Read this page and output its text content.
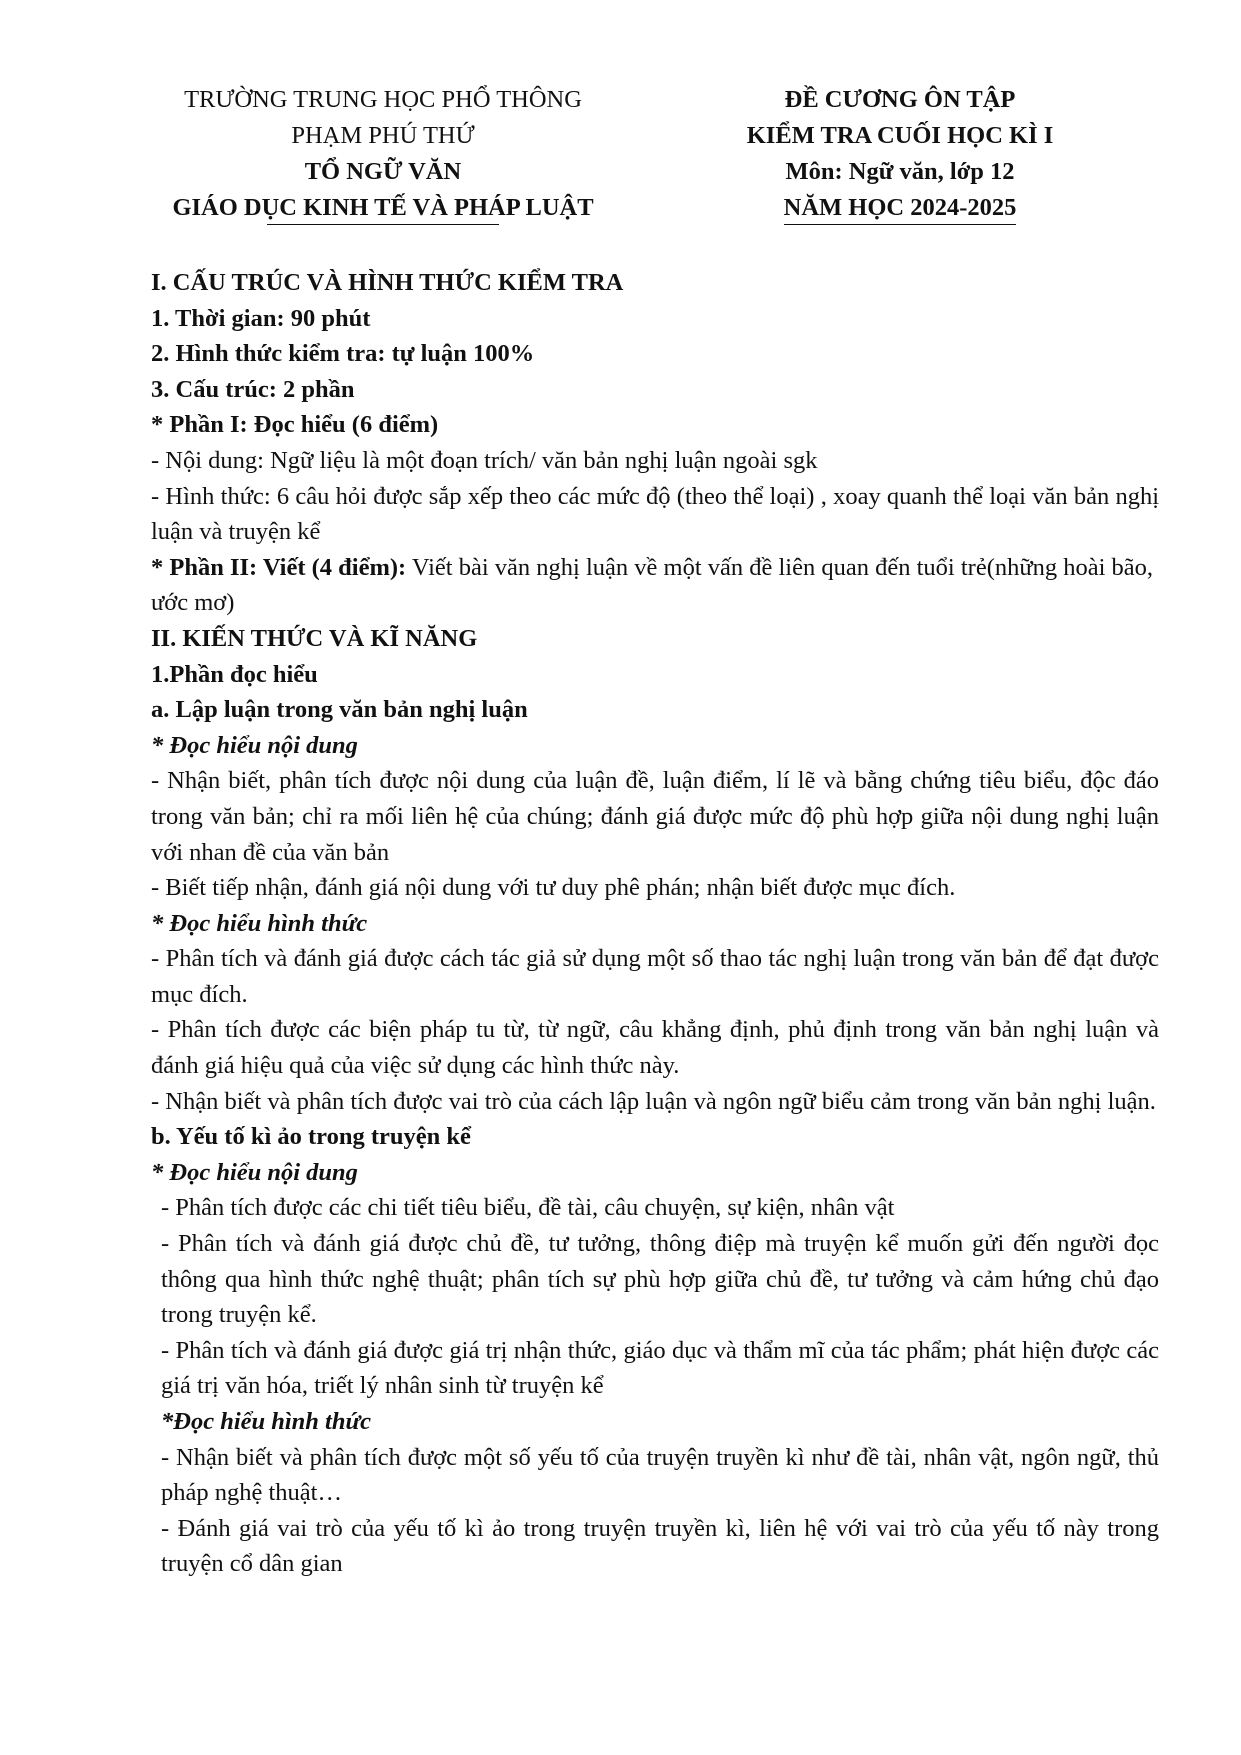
TRƯỜNG TRUNG HỌC PHỔ THÔNG
PHẠM PHÚ THỨ
TỔ NGỮ VĂN
GIÁO DỤC KINH TẾ VÀ PHÁP LUẬT
ĐỀ CƯƠNG ÔN TẬP
KIỂM TRA CUỐI HỌC KÌ I
Môn: Ngữ văn, lớp 12
NĂM HỌC 2024-2025

I. CẤU TRÚC VÀ HÌNH THỨC KIỂM TRA

1. Thời gian: 90 phút

2. Hình thức kiểm tra: tự luận 100%

3. Cấu trúc: 2 phần

* Phần I: Đọc hiểu (6 điểm)

- Nội dung: Ngữ liệu là một đoạn trích/ văn bản nghị luận ngoài sgk

- Hình thức: 6 câu hỏi được sắp xếp theo các mức độ (theo thể loại) , xoay quanh thể loại văn bản nghị luận và truyện kể

* Phần II: Viết (4 điểm): Viết bài văn nghị luận về một vấn đề liên quan đến tuổi trẻ(những hoài bão, ước mơ)

II. KIẾN THỨC VÀ KĨ NĂNG

1.Phần đọc hiểu

a. Lập luận trong văn bản nghị luận

* Đọc hiểu nội dung

- Nhận biết, phân tích được nội dung của luận đề, luận điểm, lí lẽ và bằng chứng tiêu biểu, độc đáo trong văn bản; chỉ ra mối liên hệ của chúng; đánh giá được mức độ phù hợp giữa nội dung nghị luận với nhan đề của văn bản

- Biết tiếp nhận, đánh giá nội dung với tư duy phê phán; nhận biết được mục đích.

* Đọc hiểu hình thức

- Phân tích và đánh giá được cách tác giả sử dụng một số thao tác nghị luận trong văn bản để đạt được mục đích.

- Phân tích được các biện pháp tu từ, từ ngữ, câu khẳng định, phủ định trong văn bản nghị luận và đánh giá hiệu quả của việc sử dụng các hình thức này.

- Nhận biết và phân tích được vai trò của cách lập luận và ngôn ngữ biểu cảm trong văn bản nghị luận.

b. Yếu tố kì ảo trong truyện kể

* Đọc hiểu nội dung

- Phân tích được các chi tiết tiêu biểu, đề tài, câu chuyện, sự kiện, nhân vật

- Phân tích và đánh giá được chủ đề, tư tưởng, thông điệp mà truyện kể muốn gửi đến người đọc thông qua hình thức nghệ thuật; phân tích sự phù hợp giữa chủ đề, tư tưởng và cảm hứng chủ đạo trong truyện kể.

- Phân tích và đánh giá được giá trị nhận thức, giáo dục và thẩm mĩ của tác phẩm; phát hiện được các giá trị văn hóa, triết lý nhân sinh từ truyện kể

*Đọc hiểu hình thức

- Nhận biết và phân tích được một số yếu tố của truyện truyền kì như đề tài, nhân vật, ngôn ngữ, thủ pháp nghệ thuật…

- Đánh giá vai trò của yếu tố kì ảo trong truyện truyền kì, liên hệ với vai trò của yếu tố này trong truyện cổ dân gian
